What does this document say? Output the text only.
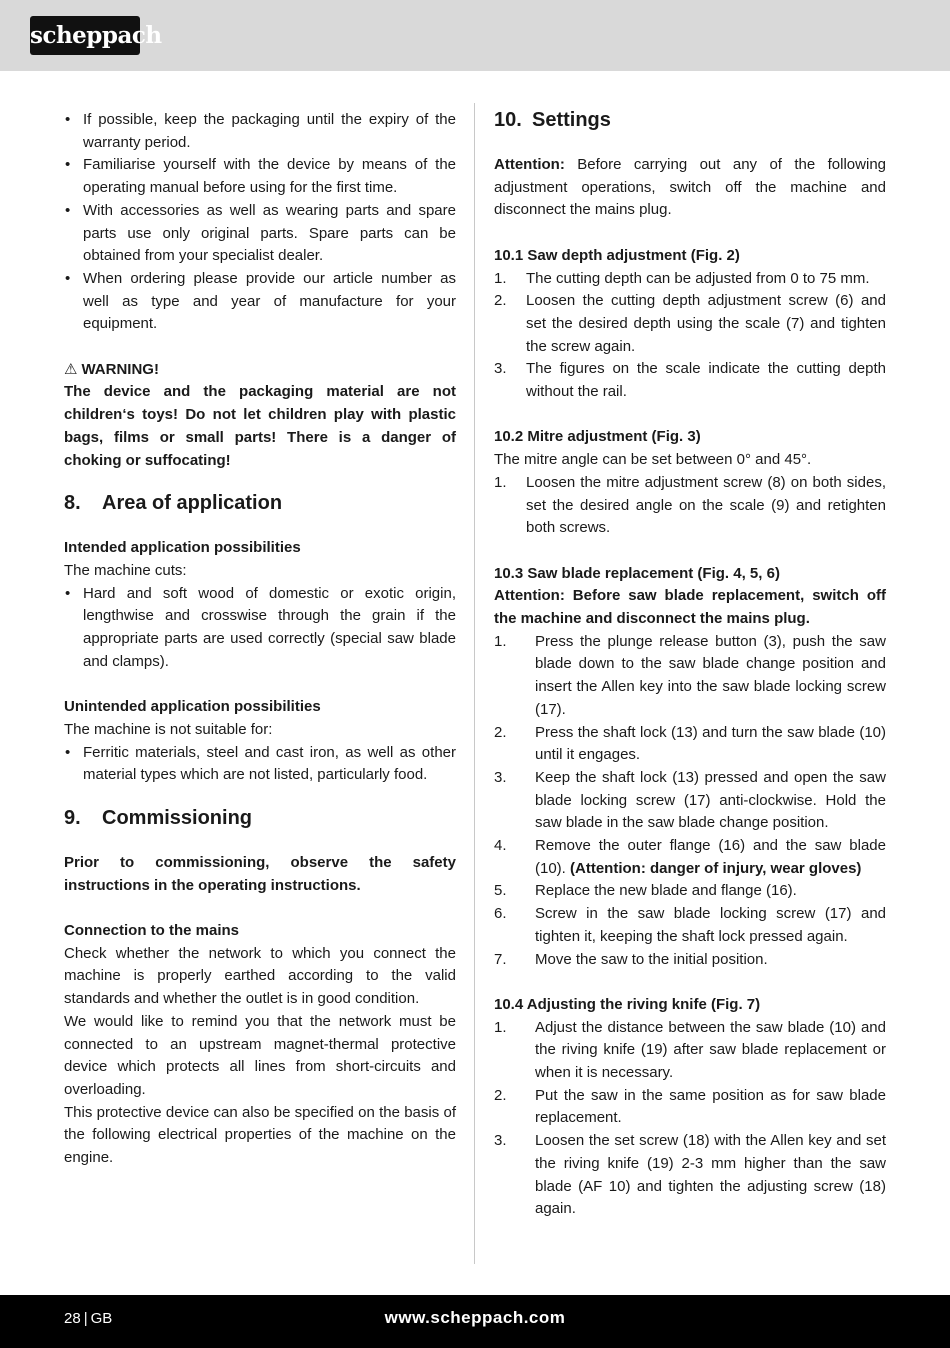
scheppach
• If possible, keep the packaging until the expiry of the warranty period.
• Familiarise yourself with the device by means of the operating manual before using for the first time.
• With accessories as well as wearing parts and spare parts use only original parts. Spare parts can be obtained from your specialist dealer.
• When ordering please provide our article number as well as type and year of manufacture for your equipment.

⚠ WARNING!

The device and the packaging material are not children‘s toys! Do not let children play with plastic bags, films or small parts! There is a danger of choking or suffocating!

8.	Area of application

Intended application possibilities

The machine cuts:

• Hard and soft wood of domestic or exotic origin, lengthwise and crosswise through the grain if the appropriate parts are used correctly (special saw blade and clamps).

Unintended application possibilities

The machine is not suitable for:

• Ferritic materials, steel and cast iron, as well as other material types which are not listed, particularly food.
9.	Commissioning

Prior to commissioning, observe the safety instructions in the operating instructions.

Connection to the mains

Check whether the network to which you connect the machine is properly earthed according to the valid standards and whether the outlet is in good condition.

We would like to remind you that the network must be connected to an upstream magnet-thermal protective device which protects all lines from short-circuits and overloading.

This protective device can also be specified on the basis of the following electrical properties of the machine on the engine.

10. Settings

Attention: Before carrying out any of the following adjustment operations, switch off the machine and disconnect the mains plug.

10.1 Saw depth adjustment (Fig. 2)

1. The cutting depth can be adjusted from 0 to 75 mm.
2. Loosen the cutting depth adjustment screw (6) and set the desired depth using the scale (7) and tighten the screw again.
3. The figures on the scale indicate the cutting depth without the rail.

10.2 Mitre adjustment (Fig. 3)

The mitre angle can be set between 0° and 45°.

1. Loosen the mitre adjustment screw (8) on both sides, set the desired angle on the scale (9) and retighten both screws.

10.3 Saw blade replacement (Fig. 4, 5, 6)

Attention: Before saw blade replacement, switch off the machine and disconnect the mains plug.

1. Press the plunge release button (3), push the saw blade down to the saw blade change position and insert the Allen key into the saw blade locking screw (17).
2. Press the shaft lock (13) and turn the saw blade (10) until it engages.
3. Keep the shaft lock (13) pressed and open the saw blade locking screw (17) anti-clockwise. Hold the saw blade in the saw blade change position.
4. Remove the outer flange (16) and the saw blade (10). (Attention: danger of injury, wear gloves)
5. Replace the new blade and flange (16).
6. Screw in the saw blade locking screw (17) and tighten it, keeping the shaft lock pressed again.
7. Move the saw to the initial position.

10.4 Adjusting the riving knife (Fig. 7)

1. Adjust the distance between the saw blade (10) and the riving knife (19) after saw blade replacement or when it is necessary.
2. Put the saw in the same position as for saw blade replacement.
3. Loosen the set screw (18) with the Allen key and set the riving knife (19) 2-3 mm higher than the saw blade (AF 10) and tighten the adjusting screw (18) again.
28 | GB	www.scheppach.com
